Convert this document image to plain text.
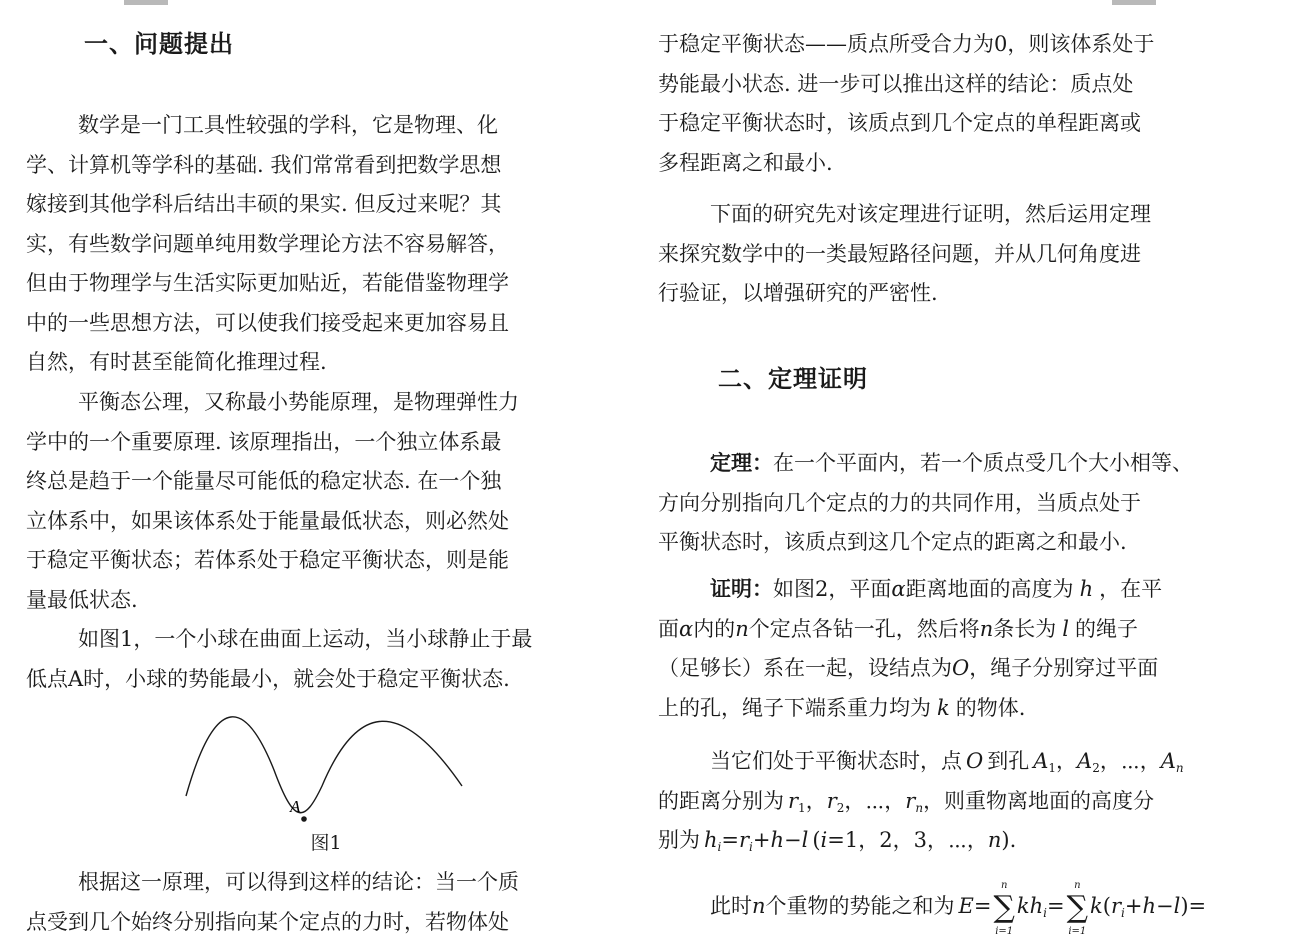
一、问题提出
数学是一门工具性较强的学科，它是物理、化
学、计算机等学科的基础. 我们常常看到把数学思想
嫁接到其他学科后结出丰硕的果实. 但反过来呢？其
实，有些数学问题单纯用数学理论方法不容易解答，
但由于物理学与生活实际更加贴近，若能借鉴物理学
中的一些思想方法，可以使我们接受起来更加容易且
自然，有时甚至能简化推理过程.
平衡态公理，又称最小势能原理，是物理弹性力
学中的一个重要原理. 该原理指出，一个独立体系最
终总是趋于一个能量尽可能低的稳定状态. 在一个独
立体系中，如果该体系处于能量最低状态，则必然处
于稳定平衡状态；若体系处于稳定平衡状态，则是能
量最低状态.
如图1，一个小球在曲面上运动，当小球静止于最
低点A时，小球的势能最小，就会处于稳定平衡状态.
A
图1
根据这一原理，可以得到这样的结论：当一个质
点受到几个始终分别指向某个定点的力时，若物体处
于稳定平衡状态——质点所受合力为0，则该体系处于
势能最小状态. 进一步可以推出这样的结论：质点处
于稳定平衡状态时，该质点到几个定点的单程距离或
多程距离之和最小.
下面的研究先对该定理进行证明，然后运用定理
来探究数学中的一类最短路径问题，并从几何角度进
行验证，以增强研究的严密性.
二、定理证明
定理：在一个平面内，若一个质点受几个大小相等、
方向分别指向几个定点的力的共同作用，当质点处于
平衡状态时，该质点到这几个定点的距离之和最小.
证明：如图2，平面α距离地面的高度为 h ，在平
面α内的n个定点各钻一孔，然后将n条长为 l 的绳子
（足够长）系在一起，设结点为O，绳子分别穿过平面
上的孔，绳子下端系重力均为 k 的物体.
当它们处于平衡状态时，点 O 到孔 $A_1$，$A_2$，⋯，$A_n$
的距离分别为 $r_1$，$r_2$，⋯，$r_n$，则重物离地面的高度分
别为 $h_i=r_i+h-l$ (i=1，2，3，⋯，n).
此时n个重物的势能之和为 E=
n
∑
i=1
$kh_i=$
n
∑
i=1
$k(r_i+h-l)=$
